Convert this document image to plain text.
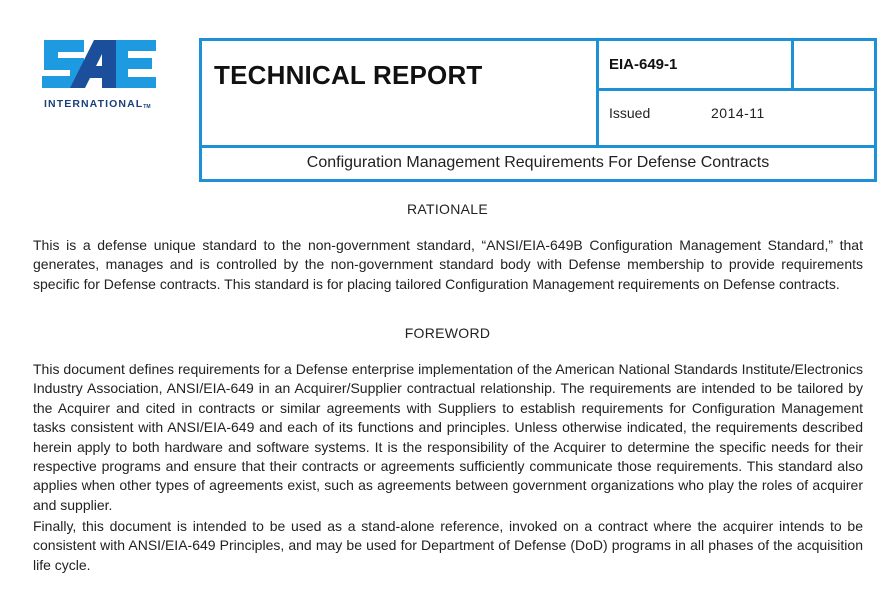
INTERNATIONAL™
TECHNICAL REPORT	EIA-649-1
Issued	2014-11
Configuration Management Requirements For Defense Contracts
RATIONALE
This is a defense unique standard to the non-government standard, “ANSI/EIA-649B Configuration Management Standard,” that generates, manages and is controlled by the non-government standard body with Defense membership to provide requirements specific for Defense contracts. This standard is for placing tailored Configuration Management requirements on Defense contracts.
FOREWORD
This document defines requirements for a Defense enterprise implementation of the American National Standards Institute/Electronics Industry Association, ANSI/EIA-649 in an Acquirer/Supplier contractual relationship. The requirements are intended to be tailored by the Acquirer and cited in contracts or similar agreements with Suppliers to establish requirements for Configuration Management tasks consistent with ANSI/EIA-649 and each of its functions and principles. Unless otherwise indicated, the requirements described herein apply to both hardware and software systems. It is the responsibility of the Acquirer to determine the specific needs for their respective programs and ensure that their contracts or agreements sufficiently communicate those requirements. This standard also applies when other types of agreements exist, such as agreements between government organizations who play the roles of acquirer and supplier.
Finally, this document is intended to be used as a stand-alone reference, invoked on a contract where the acquirer intends to be consistent with ANSI/EIA-649 Principles, and may be used for Department of Defense (DoD) programs in all phases of the acquisition life cycle.
